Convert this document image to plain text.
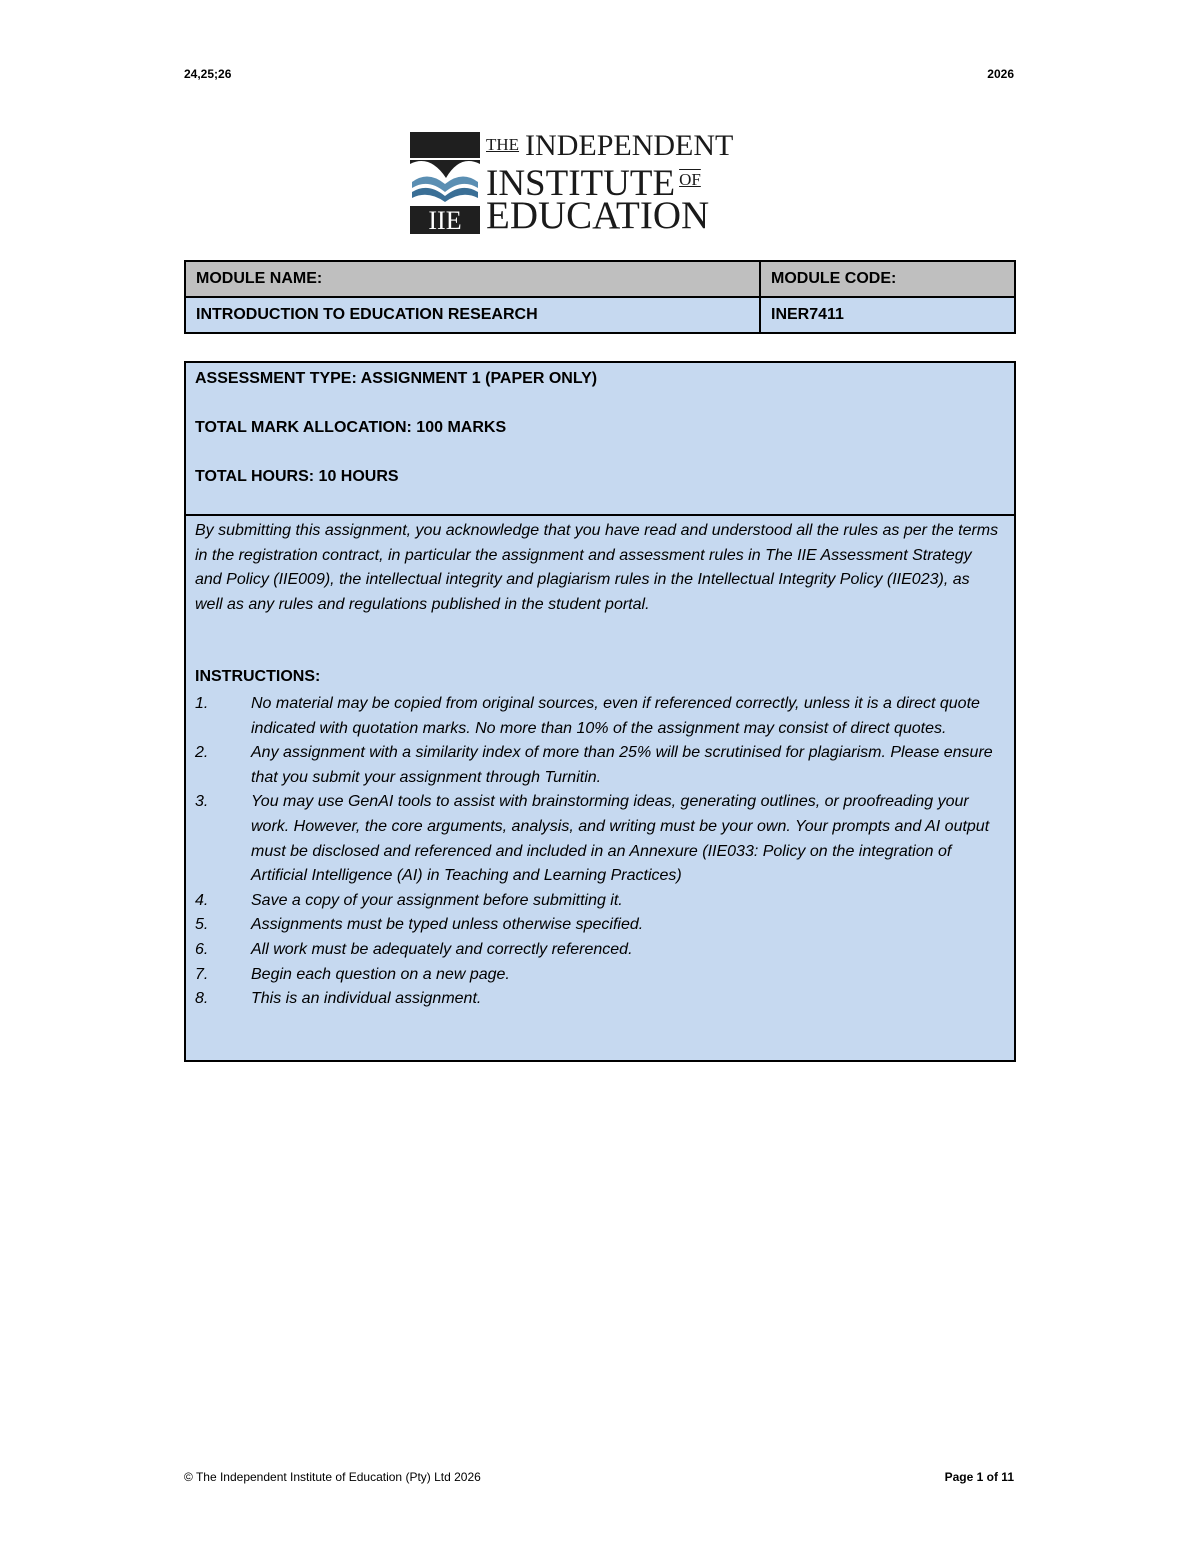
24,25;26	2026
IIE
THE INDEPENDENT
INSTITUTE $^{OF}$
EDUCATION
MODULE NAME:	MODULE CODE:
INTRODUCTION TO EDUCATION RESEARCH	INER7411
ASSESSMENT TYPE: ASSIGNMENT 1 (PAPER ONLY)
TOTAL MARK ALLOCATION: 100 MARKS
TOTAL HOURS: 10 HOURS
By submitting this assignment, you acknowledge that you have read and understood all the rules as per the terms in the registration contract, in particular the assignment and assessment rules in The IIE Assessment Strategy and Policy (IIE009), the intellectual integrity and plagiarism rules in the Intellectual Integrity Policy (IIE023), as well as any rules and regulations published in the student portal.
INSTRUCTIONS:
1.	No material may be copied from original sources, even if referenced correctly, unless it is a direct quote indicated with quotation marks. No more than 10% of the assignment may consist of direct quotes.
2.	Any assignment with a similarity index of more than 25% will be scrutinised for plagiarism. Please ensure that you submit your assignment through Turnitin.
3.	You may use GenAI tools to assist with brainstorming ideas, generating outlines, or proofreading your work. However, the core arguments, analysis, and writing must be your own. Your prompts and AI output must be disclosed and referenced and included in an Annexure (IIE033: Policy on the integration of Artificial Intelligence (AI) in Teaching and Learning Practices)
4.	Save a copy of your assignment before submitting it.
5.	Assignments must be typed unless otherwise specified.
6.	All work must be adequately and correctly referenced.
7.	Begin each question on a new page.
8.	This is an individual assignment.
© The Independent Institute of Education (Pty) Ltd 2026	Page 1 of 11
